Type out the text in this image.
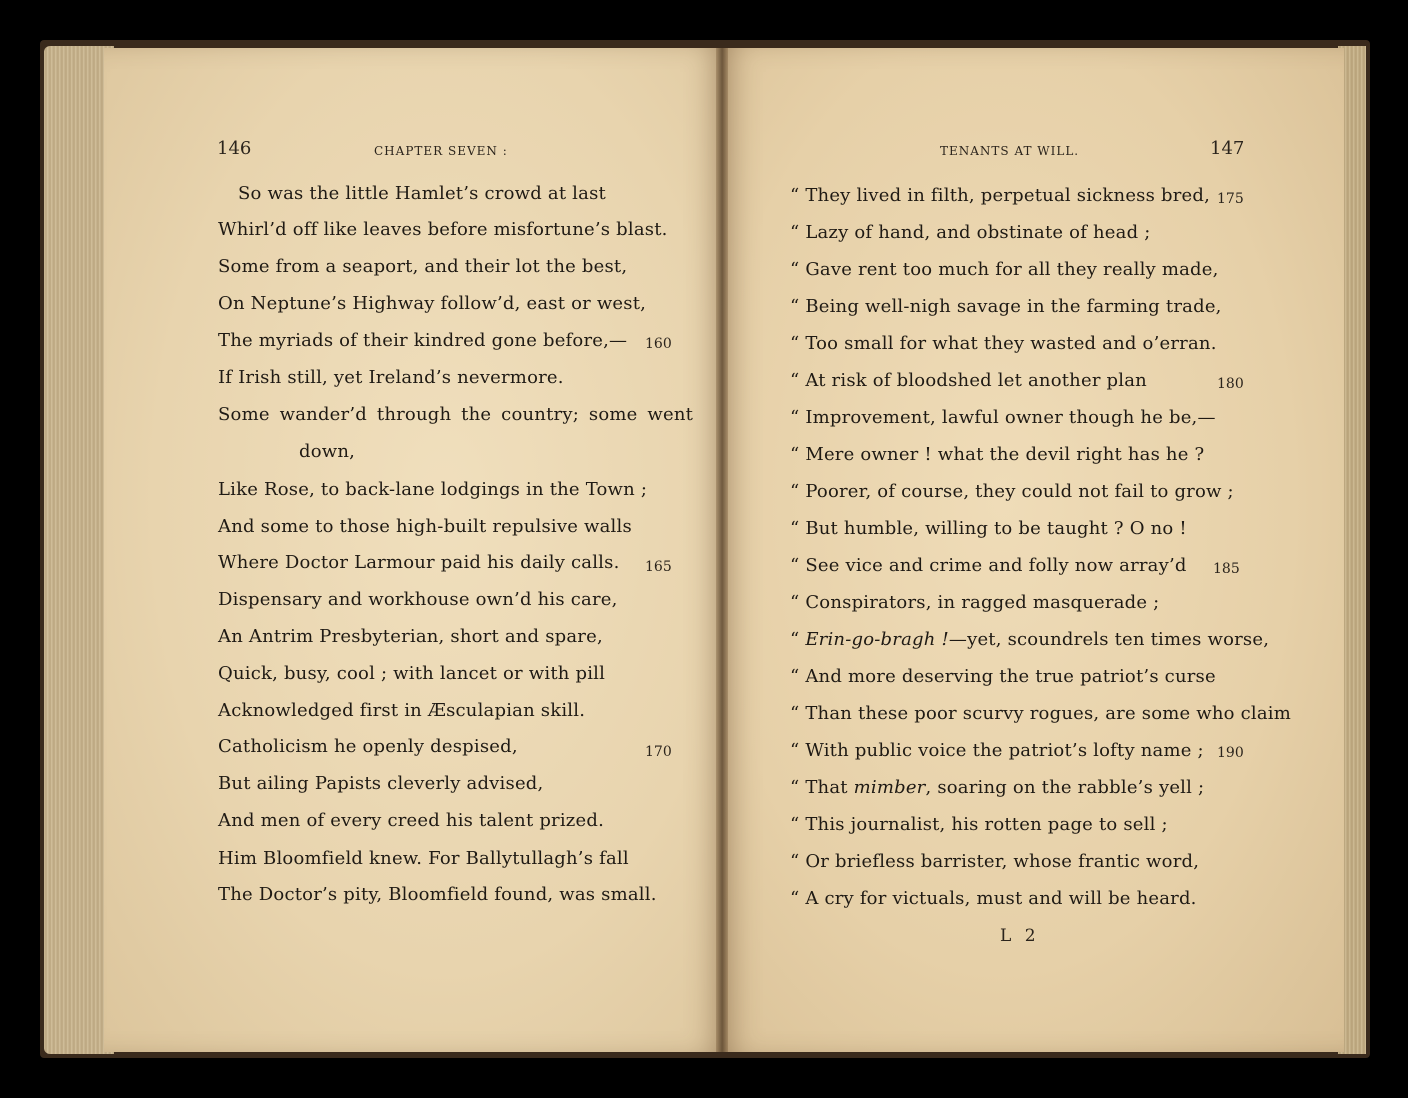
146	CHAPTER SEVEN :
So was the little Hamlet’s crowd at last
Whirl’d off like leaves before misfortune’s blast.
Some from a seaport, and their lot the best,
On Neptune’s Highway follow’d, east or west,
The myriads of their kindred gone before,— 160
If Irish still, yet Ireland’s nevermore.
Some wander’d through the country; some went
down,
Like Rose, to back-lane lodgings in the Town ;
And some to those high-built repulsive walls
Where Doctor Larmour paid his daily calls. 165
Dispensary and workhouse own’d his care,
An Antrim Presbyterian, short and spare,
Quick, busy, cool ; with lancet or with pill
Acknowledged first in Æsculapian skill.
Catholicism he openly despised,	170
But ailing Papists cleverly advised,
And men of every creed his talent prized.
Him Bloomfield knew. For Ballytullagh’s fall
The Doctor’s pity, Bloomfield found, was small.
TENANTS AT WILL.	147
“ They lived in filth, perpetual sickness bred, 175
“ Lazy of hand, and obstinate of head ;
“ Gave rent too much for all they really made,
“ Being well-nigh savage in the farming trade,
“ Too small for what they wasted and o’erran.
“ At risk of bloodshed let another plan	180
“ Improvement, lawful owner though he be,—
“ Mere owner ! what the devil right has he ?
“ Poorer, of course, they could not fail to grow ;
“ But humble, willing to be taught ? O no !
“ See vice and crime and folly now array’d 185
“ Conspirators, in ragged masquerade ;
“ Erin-go-bragh !—yet, scoundrels ten times worse,
“ And more deserving the true patriot’s curse
“ Than these poor scurvy rogues, are some who claim
“ With public voice the patriot’s lofty name ; 190
“ That mimber, soaring on the rabble’s yell ;
“ This journalist, his rotten page to sell ;
“ Or briefless barrister, whose frantic word,
“ A cry for victuals, must and will be heard.
L 2
